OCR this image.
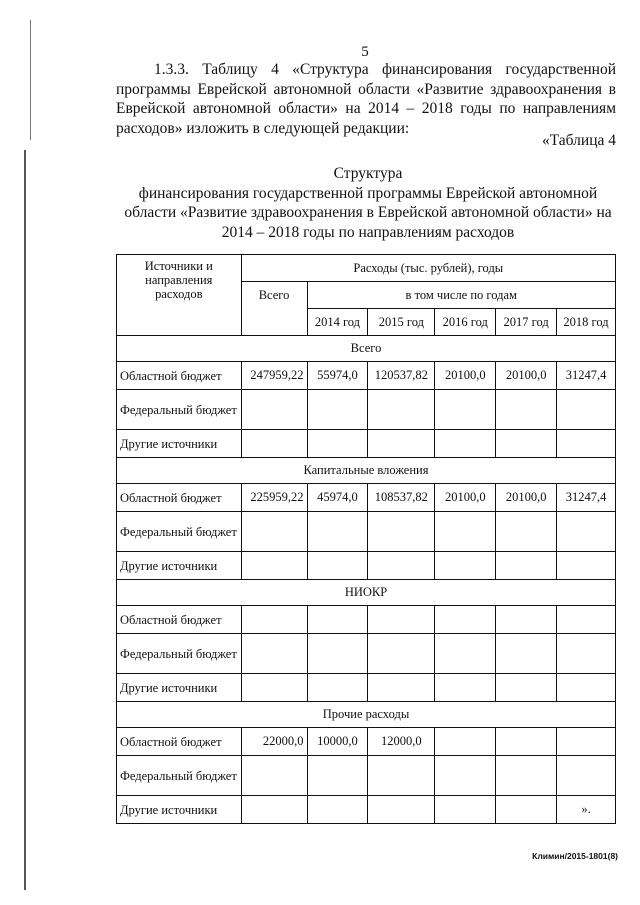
5
1.3.3. Таблицу 4 «Структура финансирования государственной программы Еврейской автономной области «Развитие здравоохранения в Еврейской автономной области» на 2014 – 2018 годы по направлениям расходов» изложить в следующей редакции:
«Таблица 4
Структура
финансирования государственной программы Еврейской автономной
области «Развитие здравоохранения в Еврейской автономной области» на
2014 – 2018 годы по направлениям расходов
Источники и направления расходов	Расходы (тыс. рублей), годы					
	Всего	в том числе по годам				
		2014 год	2015 год	2016 год	2017 год	2018 год
Всего						
Областной бюджет	247959,22	55974,0	120537,82	20100,0	20100,0	31247,4
Федеральный бюджет						
Другие источники						
Капитальные вложения						
Областной бюджет	225959,22	45974,0	108537,82	20100,0	20100,0	31247,4
Федеральный бюджет						
Другие источники						
НИОКР						
Областной бюджет						
Федеральный бюджет						
Другие источники						
Прочие расходы						
Областной бюджет	22000,0	10000,0	12000,0			
Федеральный бюджет						
Другие источники						».
Климин/2015-1801(8)
